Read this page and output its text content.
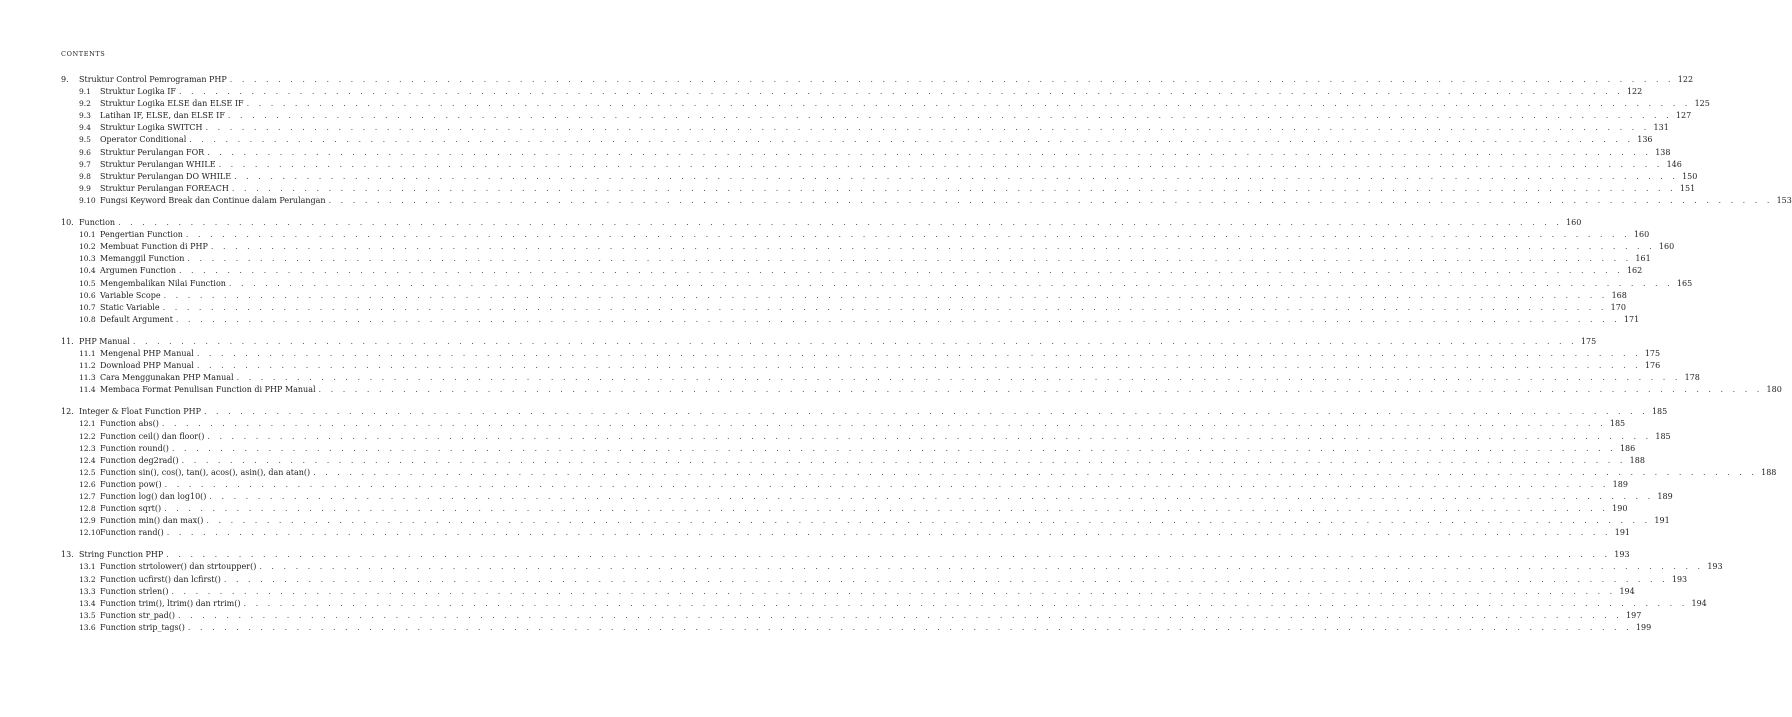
CONTENTS
9.	Struktur Control Pemrograman PHP . . . . . . . . . . . . . . . . . . . . . . . . . . . . . . . . . . . . . . . . . . . . . . . . . . . . . . . . . . . . . . . . . . . . . . . . . . . . . . . . . . . . . . . . . . . . . . . . . . . . . . . . . . . . . . . . . . . . . . . . 122
9.1	Struktur Logika IF . . . . . . . . . . . . . . . . . . . . . . . . . . . . . . . . . . . . . . . . . . . . . . . . . . . . . . . . . . . . . . . . . . . . . . . . . . . . . . . . . . . . . . . . . . . . . . . . . . . . . . . . . . . . . . . . . . . . . . . . 122
9.2	Struktur Logika ELSE dan ELSE IF . . . . . . . . . . . . . . . . . . . . . . . . . . . . . . . . . . . . . . . . . . . . . . . . . . . . . . . . . . . . . . . . . . . . . . . . . . . . . . . . . . . . . . . . . . . . . . . . . . . . . . . . . . . . . . . . . . . . . . . . 125
9.3	Latihan IF, ELSE, dan ELSE IF . . . . . . . . . . . . . . . . . . . . . . . . . . . . . . . . . . . . . . . . . . . . . . . . . . . . . . . . . . . . . . . . . . . . . . . . . . . . . . . . . . . . . . . . . . . . . . . . . . . . . . . . . . . . . . . . . . . . . . . . 127
9.4	Struktur Logika SWITCH . . . . . . . . . . . . . . . . . . . . . . . . . . . . . . . . . . . . . . . . . . . . . . . . . . . . . . . . . . . . . . . . . . . . . . . . . . . . . . . . . . . . . . . . . . . . . . . . . . . . . . . . . . . . . . . . . . . . . . . . 131
9.5	Operator Conditional . . . . . . . . . . . . . . . . . . . . . . . . . . . . . . . . . . . . . . . . . . . . . . . . . . . . . . . . . . . . . . . . . . . . . . . . . . . . . . . . . . . . . . . . . . . . . . . . . . . . . . . . . . . . . . . . . . . . . . . . 136
9.6	Struktur Perulangan FOR . . . . . . . . . . . . . . . . . . . . . . . . . . . . . . . . . . . . . . . . . . . . . . . . . . . . . . . . . . . . . . . . . . . . . . . . . . . . . . . . . . . . . . . . . . . . . . . . . . . . . . . . . . . . . . . . . . . . . . . . 138
9.7	Struktur Perulangan WHILE . . . . . . . . . . . . . . . . . . . . . . . . . . . . . . . . . . . . . . . . . . . . . . . . . . . . . . . . . . . . . . . . . . . . . . . . . . . . . . . . . . . . . . . . . . . . . . . . . . . . . . . . . . . . . . . . . . . . . . . . 146
9.8	Struktur Perulangan DO WHILE . . . . . . . . . . . . . . . . . . . . . . . . . . . . . . . . . . . . . . . . . . . . . . . . . . . . . . . . . . . . . . . . . . . . . . . . . . . . . . . . . . . . . . . . . . . . . . . . . . . . . . . . . . . . . . . . . . . . . . . . 150
9.9	Struktur Perulangan FOREACH . . . . . . . . . . . . . . . . . . . . . . . . . . . . . . . . . . . . . . . . . . . . . . . . . . . . . . . . . . . . . . . . . . . . . . . . . . . . . . . . . . . . . . . . . . . . . . . . . . . . . . . . . . . . . . . . . . . . . . . . 151
9.10 Fungsi Keyword Break dan Continue dalam Perulangan . . . . . . . . . . . . . . . . . . . . . . . . . . . . . . . . . . . . . . . . . . . . . . . . . . . . . . . . . . . . . . . . . . . . . . . . . . . . . . . . . . . . . . . . . . . . . . . . . . . . . . . . . . . . . . . . . . . . . . . . 153
10. Function . . . . . . . . . . . . . . . . . . . . . . . . . . . . . . . . . . . . . . . . . . . . . . . . . . . . . . . . . . . . . . . . . . . . . . . . . . . . . . . . . . . . . . . . . . . . . . . . . . . . . . . . . . . . . . . . . . . . . . . . 160
10.1 Pengertian Function . . . . . . . . . . . . . . . . . . . . . . . . . . . . . . . . . . . . . . . . . . . . . . . . . . . . . . . . . . . . . . . . . . . . . . . . . . . . . . . . . . . . . . . . . . . . . . . . . . . . . . . . . . . . . . . . . . . . . . . . 160
10.2 Membuat Function di PHP . . . . . . . . . . . . . . . . . . . . . . . . . . . . . . . . . . . . . . . . . . . . . . . . . . . . . . . . . . . . . . . . . . . . . . . . . . . . . . . . . . . . . . . . . . . . . . . . . . . . . . . . . . . . . . . . . . . . . . . . 160
10.3 Memanggil Function . . . . . . . . . . . . . . . . . . . . . . . . . . . . . . . . . . . . . . . . . . . . . . . . . . . . . . . . . . . . . . . . . . . . . . . . . . . . . . . . . . . . . . . . . . . . . . . . . . . . . . . . . . . . . . . . . . . . . . . . 161
10.4 Argumen Function . . . . . . . . . . . . . . . . . . . . . . . . . . . . . . . . . . . . . . . . . . . . . . . . . . . . . . . . . . . . . . . . . . . . . . . . . . . . . . . . . . . . . . . . . . . . . . . . . . . . . . . . . . . . . . . . . . . . . . . . 162
10.5 Mengembalikan Nilai Function . . . . . . . . . . . . . . . . . . . . . . . . . . . . . . . . . . . . . . . . . . . . . . . . . . . . . . . . . . . . . . . . . . . . . . . . . . . . . . . . . . . . . . . . . . . . . . . . . . . . . . . . . . . . . . . . . . . . . . . . 165
10.6 Variable Scope . . . . . . . . . . . . . . . . . . . . . . . . . . . . . . . . . . . . . . . . . . . . . . . . . . . . . . . . . . . . . . . . . . . . . . . . . . . . . . . . . . . . . . . . . . . . . . . . . . . . . . . . . . . . . . . . . . . . . . . . 168
10.7 Static Variable . . . . . . . . . . . . . . . . . . . . . . . . . . . . . . . . . . . . . . . . . . . . . . . . . . . . . . . . . . . . . . . . . . . . . . . . . . . . . . . . . . . . . . . . . . . . . . . . . . . . . . . . . . . . . . . . . . . . . . . . 170
10.8 Default Argument . . . . . . . . . . . . . . . . . . . . . . . . . . . . . . . . . . . . . . . . . . . . . . . . . . . . . . . . . . . . . . . . . . . . . . . . . . . . . . . . . . . . . . . . . . . . . . . . . . . . . . . . . . . . . . . . . . . . . . . . 171
11. PHP Manual . . . . . . . . . . . . . . . . . . . . . . . . . . . . . . . . . . . . . . . . . . . . . . . . . . . . . . . . . . . . . . . . . . . . . . . . . . . . . . . . . . . . . . . . . . . . . . . . . . . . . . . . . . . . . . . . . . . . . . . . 175
11.1 Mengenal PHP Manual . . . . . . . . . . . . . . . . . . . . . . . . . . . . . . . . . . . . . . . . . . . . . . . . . . . . . . . . . . . . . . . . . . . . . . . . . . . . . . . . . . . . . . . . . . . . . . . . . . . . . . . . . . . . . . . . . . . . . . . . 175
11.2 Download PHP Manual . . . . . . . . . . . . . . . . . . . . . . . . . . . . . . . . . . . . . . . . . . . . . . . . . . . . . . . . . . . . . . . . . . . . . . . . . . . . . . . . . . . . . . . . . . . . . . . . . . . . . . . . . . . . . . . . . . . . . . . . 176
11.3 Cara Menggunakan PHP Manual . . . . . . . . . . . . . . . . . . . . . . . . . . . . . . . . . . . . . . . . . . . . . . . . . . . . . . . . . . . . . . . . . . . . . . . . . . . . . . . . . . . . . . . . . . . . . . . . . . . . . . . . . . . . . . . . . . . . . . . . 178
11.4 Membaca Format Penulisan Function di PHP Manual . . . . . . . . . . . . . . . . . . . . . . . . . . . . . . . . . . . . . . . . . . . . . . . . . . . . . . . . . . . . . . . . . . . . . . . . . . . . . . . . . . . . . . . . . . . . . . . . . . . . . . . . . . . . . . . . . . . . . . . . 180
12. Integer & Float Function PHP . . . . . . . . . . . . . . . . . . . . . . . . . . . . . . . . . . . . . . . . . . . . . . . . . . . . . . . . . . . . . . . . . . . . . . . . . . . . . . . . . . . . . . . . . . . . . . . . . . . . . . . . . . . . . . . . . . . . . . . . 185
12.1 Function abs() . . . . . . . . . . . . . . . . . . . . . . . . . . . . . . . . . . . . . . . . . . . . . . . . . . . . . . . . . . . . . . . . . . . . . . . . . . . . . . . . . . . . . . . . . . . . . . . . . . . . . . . . . . . . . . . . . . . . . . . . 185
12.2 Function ceil() dan floor() . . . . . . . . . . . . . . . . . . . . . . . . . . . . . . . . . . . . . . . . . . . . . . . . . . . . . . . . . . . . . . . . . . . . . . . . . . . . . . . . . . . . . . . . . . . . . . . . . . . . . . . . . . . . . . . . . . . . . . . . 185
12.3 Function round() . . . . . . . . . . . . . . . . . . . . . . . . . . . . . . . . . . . . . . . . . . . . . . . . . . . . . . . . . . . . . . . . . . . . . . . . . . . . . . . . . . . . . . . . . . . . . . . . . . . . . . . . . . . . . . . . . . . . . . . . 186
12.4 Function deg2rad() . . . . . . . . . . . . . . . . . . . . . . . . . . . . . . . . . . . . . . . . . . . . . . . . . . . . . . . . . . . . . . . . . . . . . . . . . . . . . . . . . . . . . . . . . . . . . . . . . . . . . . . . . . . . . . . . . . . . . . . . 188
12.5 Function sin(), cos(), tan(), acos(), asin(), dan atan() . . . . . . . . . . . . . . . . . . . . . . . . . . . . . . . . . . . . . . . . . . . . . . . . . . . . . . . . . . . . . . . . . . . . . . . . . . . . . . . . . . . . . . . . . . . . . . . . . . . . . . . . . . . . . . . . . . . . . . . . 188
12.6 Function pow() . . . . . . . . . . . . . . . . . . . . . . . . . . . . . . . . . . . . . . . . . . . . . . . . . . . . . . . . . . . . . . . . . . . . . . . . . . . . . . . . . . . . . . . . . . . . . . . . . . . . . . . . . . . . . . . . . . . . . . . . 189
12.7 Function log() dan log10() . . . . . . . . . . . . . . . . . . . . . . . . . . . . . . . . . . . . . . . . . . . . . . . . . . . . . . . . . . . . . . . . . . . . . . . . . . . . . . . . . . . . . . . . . . . . . . . . . . . . . . . . . . . . . . . . . . . . . . . . 189
12.8 Function sqrt() . . . . . . . . . . . . . . . . . . . . . . . . . . . . . . . . . . . . . . . . . . . . . . . . . . . . . . . . . . . . . . . . . . . . . . . . . . . . . . . . . . . . . . . . . . . . . . . . . . . . . . . . . . . . . . . . . . . . . . . . 190
12.9 Function min() dan max() . . . . . . . . . . . . . . . . . . . . . . . . . . . . . . . . . . . . . . . . . . . . . . . . . . . . . . . . . . . . . . . . . . . . . . . . . . . . . . . . . . . . . . . . . . . . . . . . . . . . . . . . . . . . . . . . . . . . . . . . 191
12.10 Function rand() . . . . . . . . . . . . . . . . . . . . . . . . . . . . . . . . . . . . . . . . . . . . . . . . . . . . . . . . . . . . . . . . . . . . . . . . . . . . . . . . . . . . . . . . . . . . . . . . . . . . . . . . . . . . . . . . . . . . . . . . 191
13. String Function PHP . . . . . . . . . . . . . . . . . . . . . . . . . . . . . . . . . . . . . . . . . . . . . . . . . . . . . . . . . . . . . . . . . . . . . . . . . . . . . . . . . . . . . . . . . . . . . . . . . . . . . . . . . . . . . . . . . . . . . . . . 193
13.1 Function strtolower() dan strtoupper() . . . . . . . . . . . . . . . . . . . . . . . . . . . . . . . . . . . . . . . . . . . . . . . . . . . . . . . . . . . . . . . . . . . . . . . . . . . . . . . . . . . . . . . . . . . . . . . . . . . . . . . . . . . . . . . . . . . . . . . . 193
13.2 Function ucfirst() dan lcfirst() . . . . . . . . . . . . . . . . . . . . . . . . . . . . . . . . . . . . . . . . . . . . . . . . . . . . . . . . . . . . . . . . . . . . . . . . . . . . . . . . . . . . . . . . . . . . . . . . . . . . . . . . . . . . . . . . . . . . . . . . 193
13.3 Function strlen() . . . . . . . . . . . . . . . . . . . . . . . . . . . . . . . . . . . . . . . . . . . . . . . . . . . . . . . . . . . . . . . . . . . . . . . . . . . . . . . . . . . . . . . . . . . . . . . . . . . . . . . . . . . . . . . . . . . . . . . . 194
13.4 Function trim(), ltrim() dan rtrim() . . . . . . . . . . . . . . . . . . . . . . . . . . . . . . . . . . . . . . . . . . . . . . . . . . . . . . . . . . . . . . . . . . . . . . . . . . . . . . . . . . . . . . . . . . . . . . . . . . . . . . . . . . . . . . . . . . . . . . . . 194
13.5 Function str_pad() . . . . . . . . . . . . . . . . . . . . . . . . . . . . . . . . . . . . . . . . . . . . . . . . . . . . . . . . . . . . . . . . . . . . . . . . . . . . . . . . . . . . . . . . . . . . . . . . . . . . . . . . . . . . . . . . . . . . . . . . 197
13.6 Function strip_tags() . . . . . . . . . . . . . . . . . . . . . . . . . . . . . . . . . . . . . . . . . . . . . . . . . . . . . . . . . . . . . . . . . . . . . . . . . . . . . . . . . . . . . . . . . . . . . . . . . . . . . . . . . . . . . . . . . . . . . . . . 199
